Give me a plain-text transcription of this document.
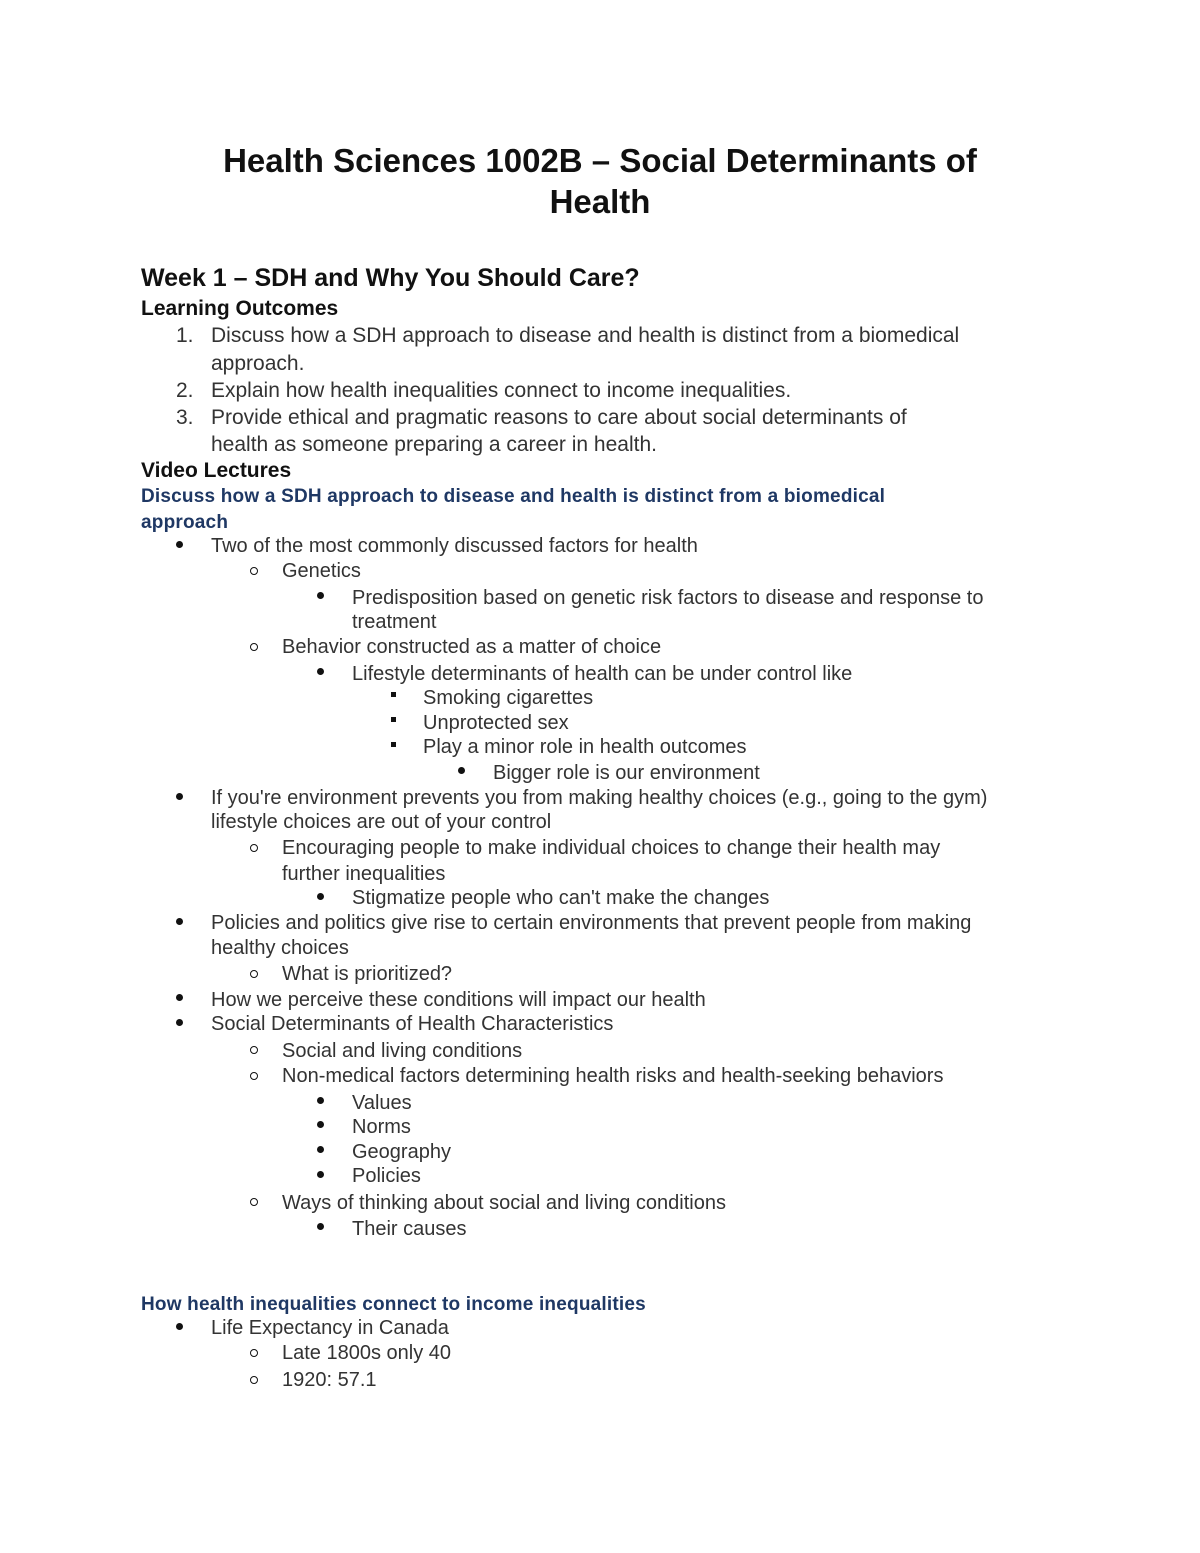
Health Sciences 1002B – Social Determinants of
Health
Week 1 – SDH and Why You Should Care?
Learning Outcomes
1. Discuss how a SDH approach to disease and health is distinct from a biomedical
approach.
2. Explain how health inequalities connect to income inequalities.
3. Provide ethical and pragmatic reasons to care about social determinants of
health as someone preparing a career in health.
Video Lectures
Discuss how a SDH approach to disease and health is distinct from a biomedical
approach
Two of the most commonly discussed factors for health
Genetics
Predisposition based on genetic risk factors to disease and response to
treatment
Behavior constructed as a matter of choice
Lifestyle determinants of health can be under control like
Smoking cigarettes
Unprotected sex
Play a minor role in health outcomes
Bigger role is our environment
If you're environment prevents you from making healthy choices (e.g., going to the gym)
lifestyle choices are out of your control
Encouraging people to make individual choices to change their health may
further inequalities
Stigmatize people who can't make the changes
Policies and politics give rise to certain environments that prevent people from making
healthy choices
What is prioritized?
How we perceive these conditions will impact our health
Social Determinants of Health Characteristics
Social and living conditions
Non-medical factors determining health risks and health-seeking behaviors
Values
Norms
Geography
Policies
Ways of thinking about social and living conditions
Their causes
How health inequalities connect to income inequalities
Life Expectancy in Canada
Late 1800s only 40
1920: 57.1
